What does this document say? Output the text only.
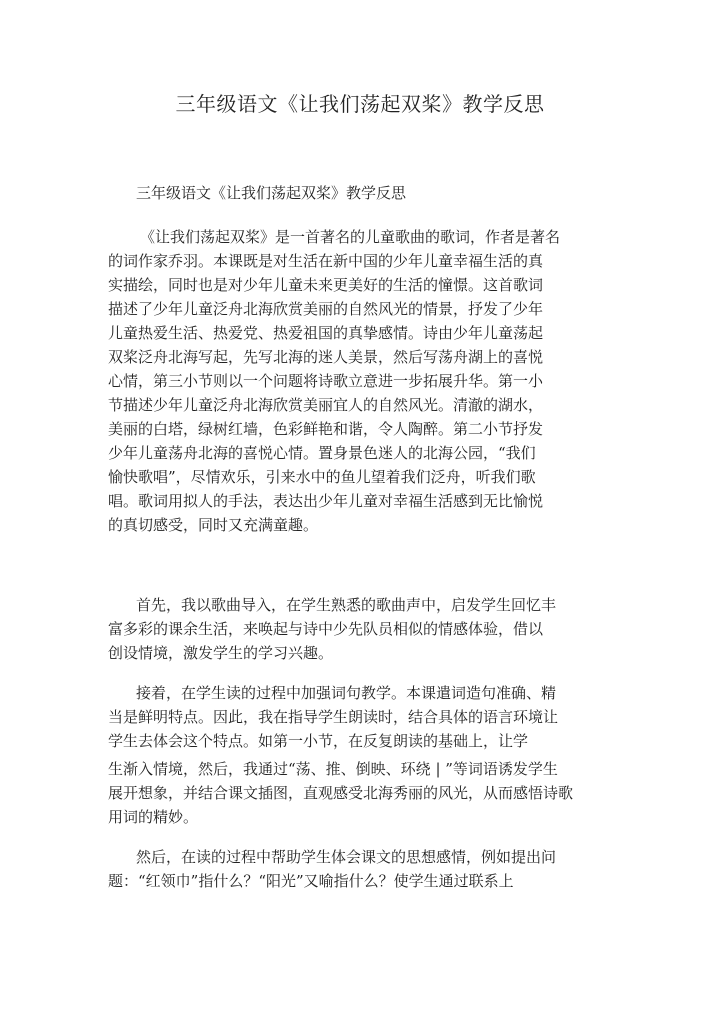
三年级语文《让我们荡起双桨》教学反思
三年级语文《让我们荡起双桨》教学反思
《让我们荡起双桨》是一首著名的儿童歌曲的歌词，作者是著名
的词作家乔羽。本课既是对生活在新中国的少年儿童幸福生活的真
实描绘，同时也是对少年儿童未来更美好的生活的憧憬。这首歌词
描述了少年儿童泛舟北海欣赏美丽的自然风光的情景，抒发了少年
儿童热爱生活、热爱党、热爱祖国的真挚感情。诗由少年儿童荡起
双桨泛舟北海写起，先写北海的迷人美景，然后写荡舟湖上的喜悦
心情，第三小节则以一个问题将诗歌立意进一步拓展升华。第一小
节描述少年儿童泛舟北海欣赏美丽宜人的自然风光。清澈的湖水，
美丽的白塔，绿树红墙，色彩鲜艳和谐，令人陶醉。第二小节抒发
少年儿童荡舟北海的喜悦心情。置身景色迷人的北海公园，“我们
愉快歌唱”，尽情欢乐，引来水中的鱼儿望着我们泛舟，听我们歌
唱。歌词用拟人的手法，表达出少年儿童对幸福生活感到无比愉悦
的真切感受，同时又充满童趣。
首先，我以歌曲导入，在学生熟悉的歌曲声中，启发学生回忆丰
富多彩的课余生活，来唤起与诗中少先队员相似的情感体验，借以
创设情境，激发学生的学习兴趣。
接着，在学生读的过程中加强词句教学。本课遣词造句准确、精
当是鲜明特点。因此，我在指导学生朗读时，结合具体的语言环境让
学生去体会这个特点。如第一小节，在反复朗读的基础上，让学
生渐入情境，然后，我通过“荡、推、倒映、环绕 | ”等词语诱发学生
展开想象，并结合课文插图，直观感受北海秀丽的风光，从而感悟诗歌
用词的精妙。
然后，在读的过程中帮助学生体会课文的思想感情，例如提出问
题：“红领巾”指什么？“阳光”又喻指什么？使学生通过联系上
